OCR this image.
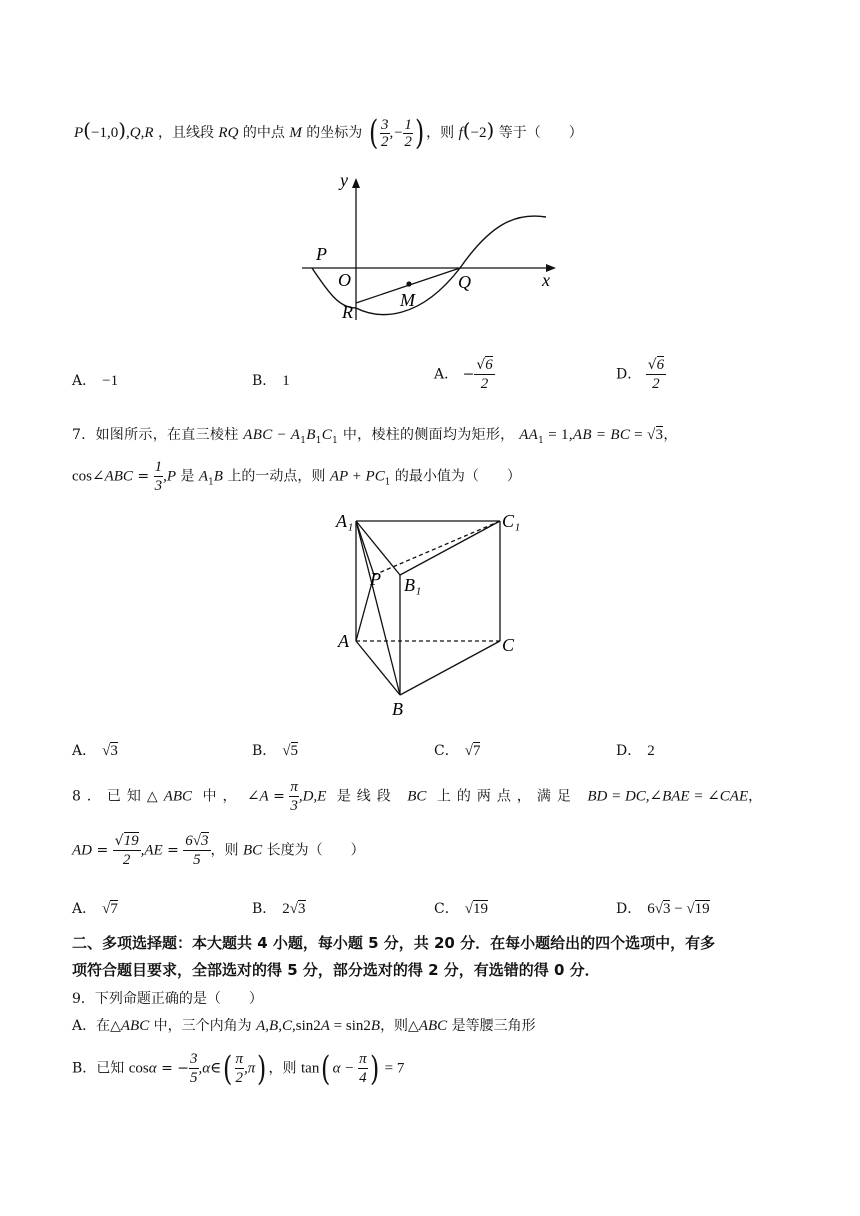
P(−1,0),Q,R ，且线段 RQ 的中点 M 的坐标为 ( $\frac{3}{2}$ ,− $\frac{1}{2}$ ) ，则 f(−2) 等于（　　）
y
P
O
R
M
Q	x
A． −1	B． 1	A． − $\frac{√6}{2}$	D． $\frac{√6}{2}$
7．如图所示，在直三棱柱 ABC − $A_1B_1C_1$ 中，棱柱的侧面均为矩形， $AA_1 = 1,AB$ = BC = √3，
cos∠ABC = $\frac{1}{3} ,P$ 是 $A_1B$ 上的一动点，则 AP + $PC_1$ 的最小值为（　　）
A₁	C₁
P B₁
A	C
B
A． √3	B． √5	C． √7	D． 2
8．已知△ABC 中， ∠A = $\frac{\pi}{3} ,D,E$ 是线段 BC 上的两点，满足 BD = DC,∠BAE = ∠CAE，
AD = $\frac{√19}{2} ,AE = \frac{6√3}{5}$ ，则 BC 长度为（　　）
A． √7	B． 2√3	C． √19	D． 6√3 − √19
二、多项选择题：本大题共 4 小题，每小题 5 分，共 20 分．在每小题给出的四个选项中，有多
项符合题目要求，全部选对的得 5 分，部分选对的得 2 分，有选错的得 0 分．
9．下列命题正确的是（　　）
A．在△ABC 中，三个内角为 A,B,C,sin2A = sin2B，则△ABC 是等腰三角形
B．已知 cosα = − $\frac{3}{5}$ ,α∈( $\frac{\pi}{2} ,\pi$) ，则 tan( $\alpha - \frac{\pi}{4}$ ) = 7
